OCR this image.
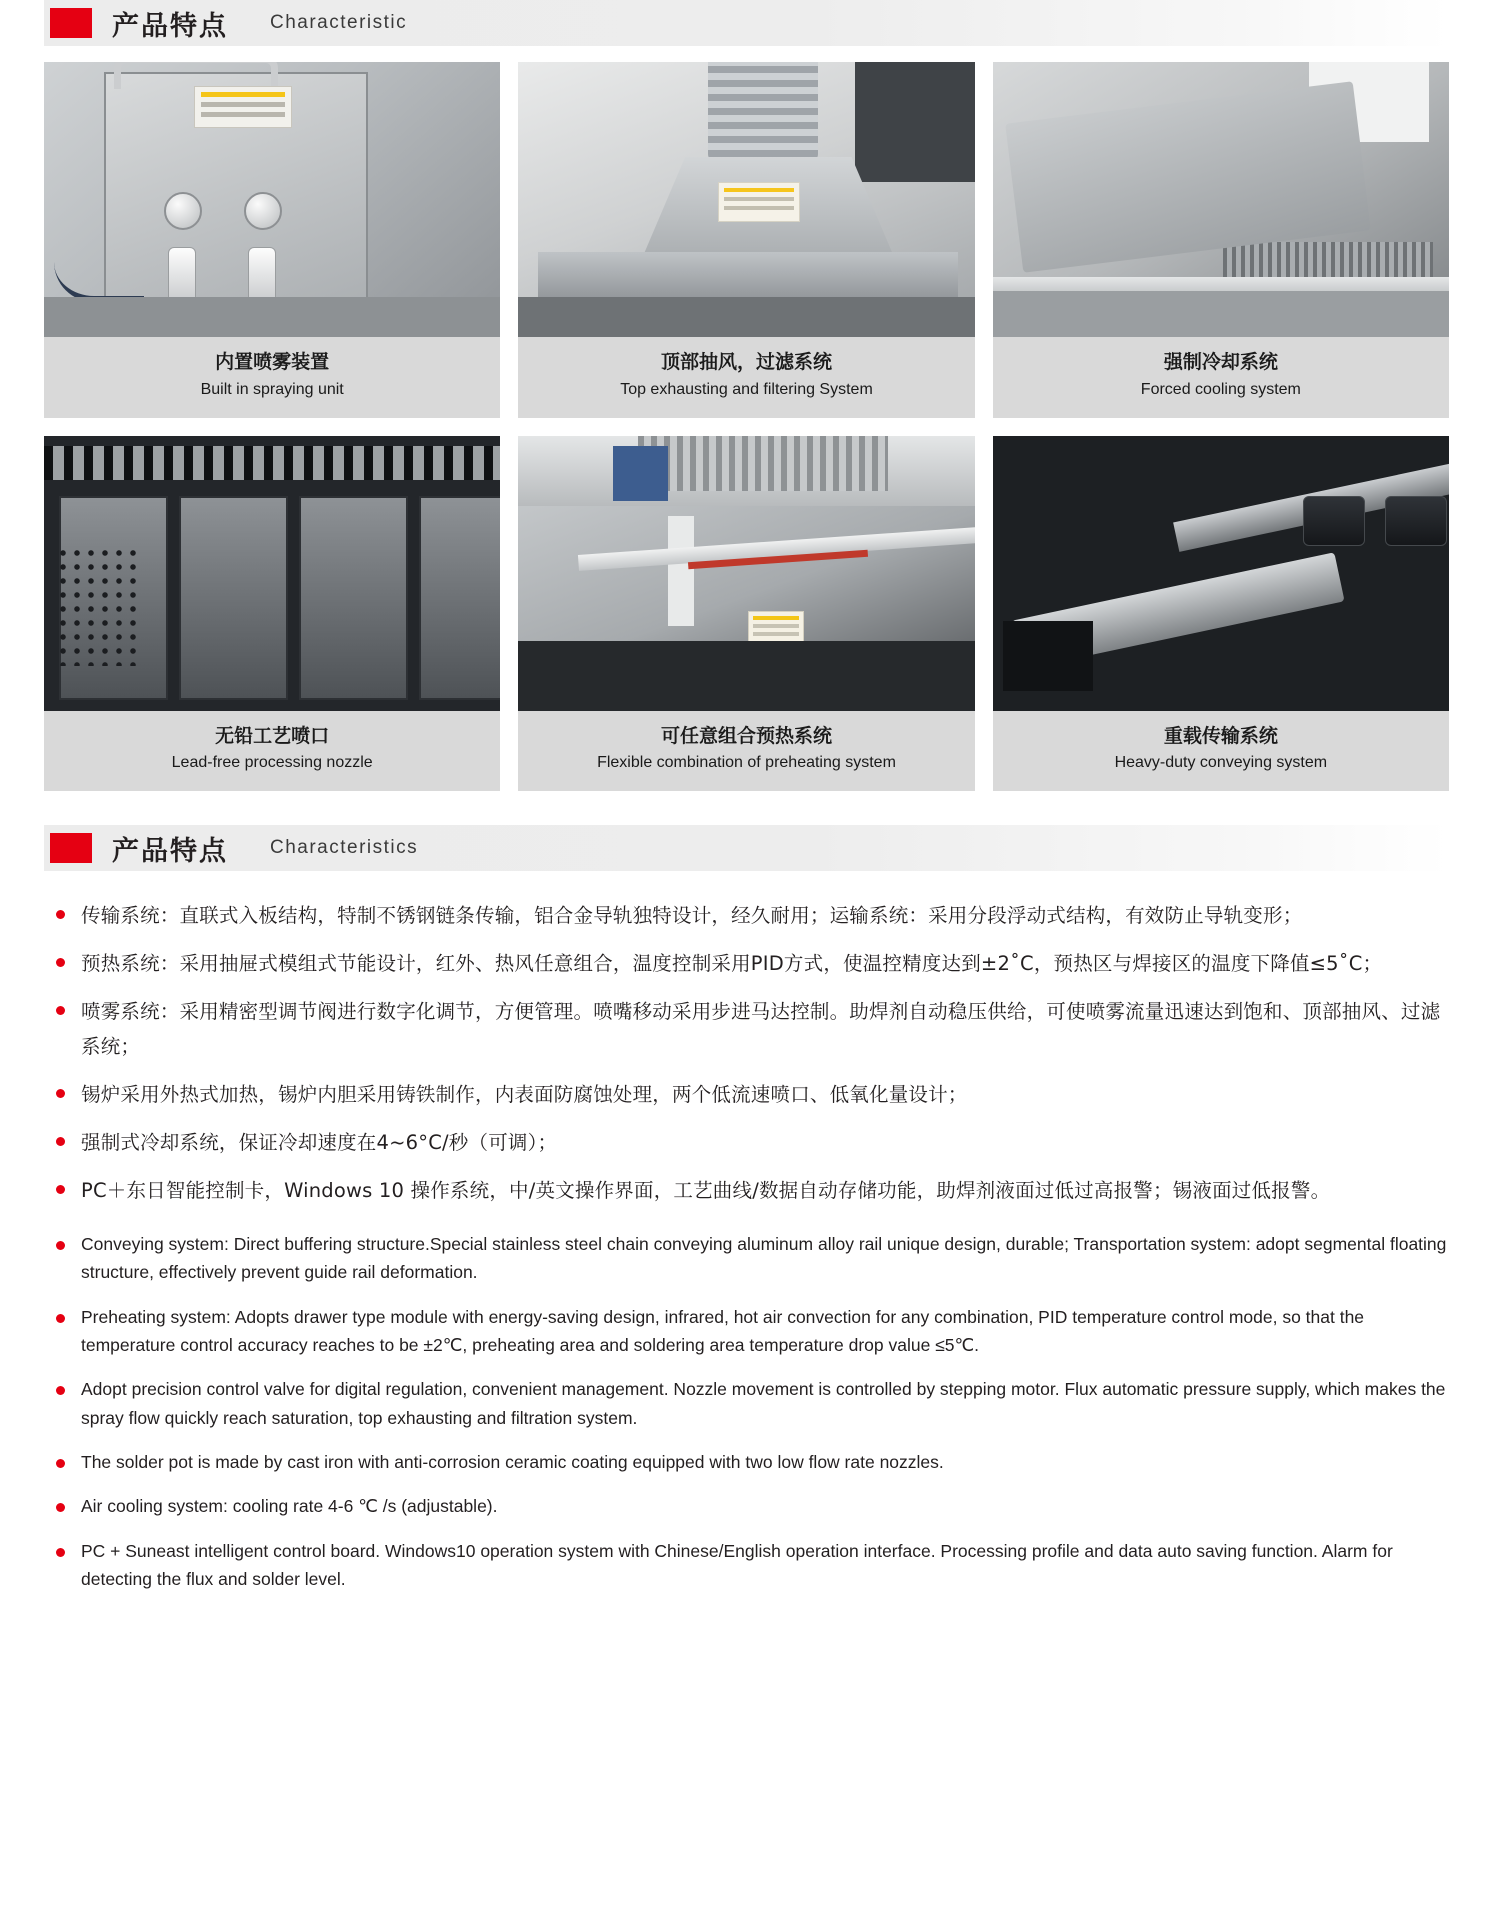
产品特点 Characteristic
内置喷雾装置
Built in spraying unit
顶部抽风，过滤系统
Top exhausting and filtering System
强制冷却系统
Forced cooling system
无铅工艺喷口
Lead-free processing nozzle
可任意组合预热系统
Flexible combination of preheating system
重载传输系统
Heavy-duty conveying system
产品特点 Characteristics
传输系统：直联式入板结构，特制不锈钢链条传输，铝合金导轨独特设计，经久耐用；运输系统：采用分段浮动式结构，有效防止导轨变形；
预热系统：采用抽屉式模组式节能设计，红外、热风任意组合，温度控制采用PID方式，使温控精度达到±2˚C，预热区与焊接区的温度下降值≤5˚C；
喷雾系统：采用精密型调节阀进行数字化调节，方便管理。喷嘴移动采用步进马达控制。助焊剂自动稳压供给，可使喷雾流量迅速达到饱和、顶部抽风、过滤系统；
锡炉采用外热式加热，锡炉内胆采用铸铁制作，内表面防腐蚀处理，两个低流速喷口、低氧化量设计；
强制式冷却系统，保证冷却速度在4~6°C/秒（可调）；
PC＋东日智能控制卡，Windows 10 操作系统，中/英文操作界面，工艺曲线/数据自动存储功能，助焊剂液面过低过高报警；锡液面过低报警。
Conveying system: Direct buffering structure.Special stainless steel chain conveying aluminum alloy rail unique design, durable; Transportation system: adopt segmental floating structure, effectively prevent guide rail deformation.
Preheating system: Adopts drawer type module with energy-saving design, infrared, hot air convection for any combination, PID temperature control mode, so that the temperature control accuracy reaches to be ±2℃, preheating area and soldering area temperature drop value ≤5℃.
Adopt precision control valve for digital regulation, convenient management. Nozzle movement is controlled by stepping motor. Flux automatic pressure supply, which makes the spray flow quickly reach saturation, top exhausting and filtration system.
The solder pot is made by cast iron with anti-corrosion ceramic coating equipped with two low flow rate nozzles.
Air cooling system: cooling rate 4-6 ℃ /s (adjustable).
PC + Suneast intelligent control board. Windows10 operation system with Chinese/English operation interface. Processing profile and data auto saving function. Alarm for detecting the flux and solder level.
